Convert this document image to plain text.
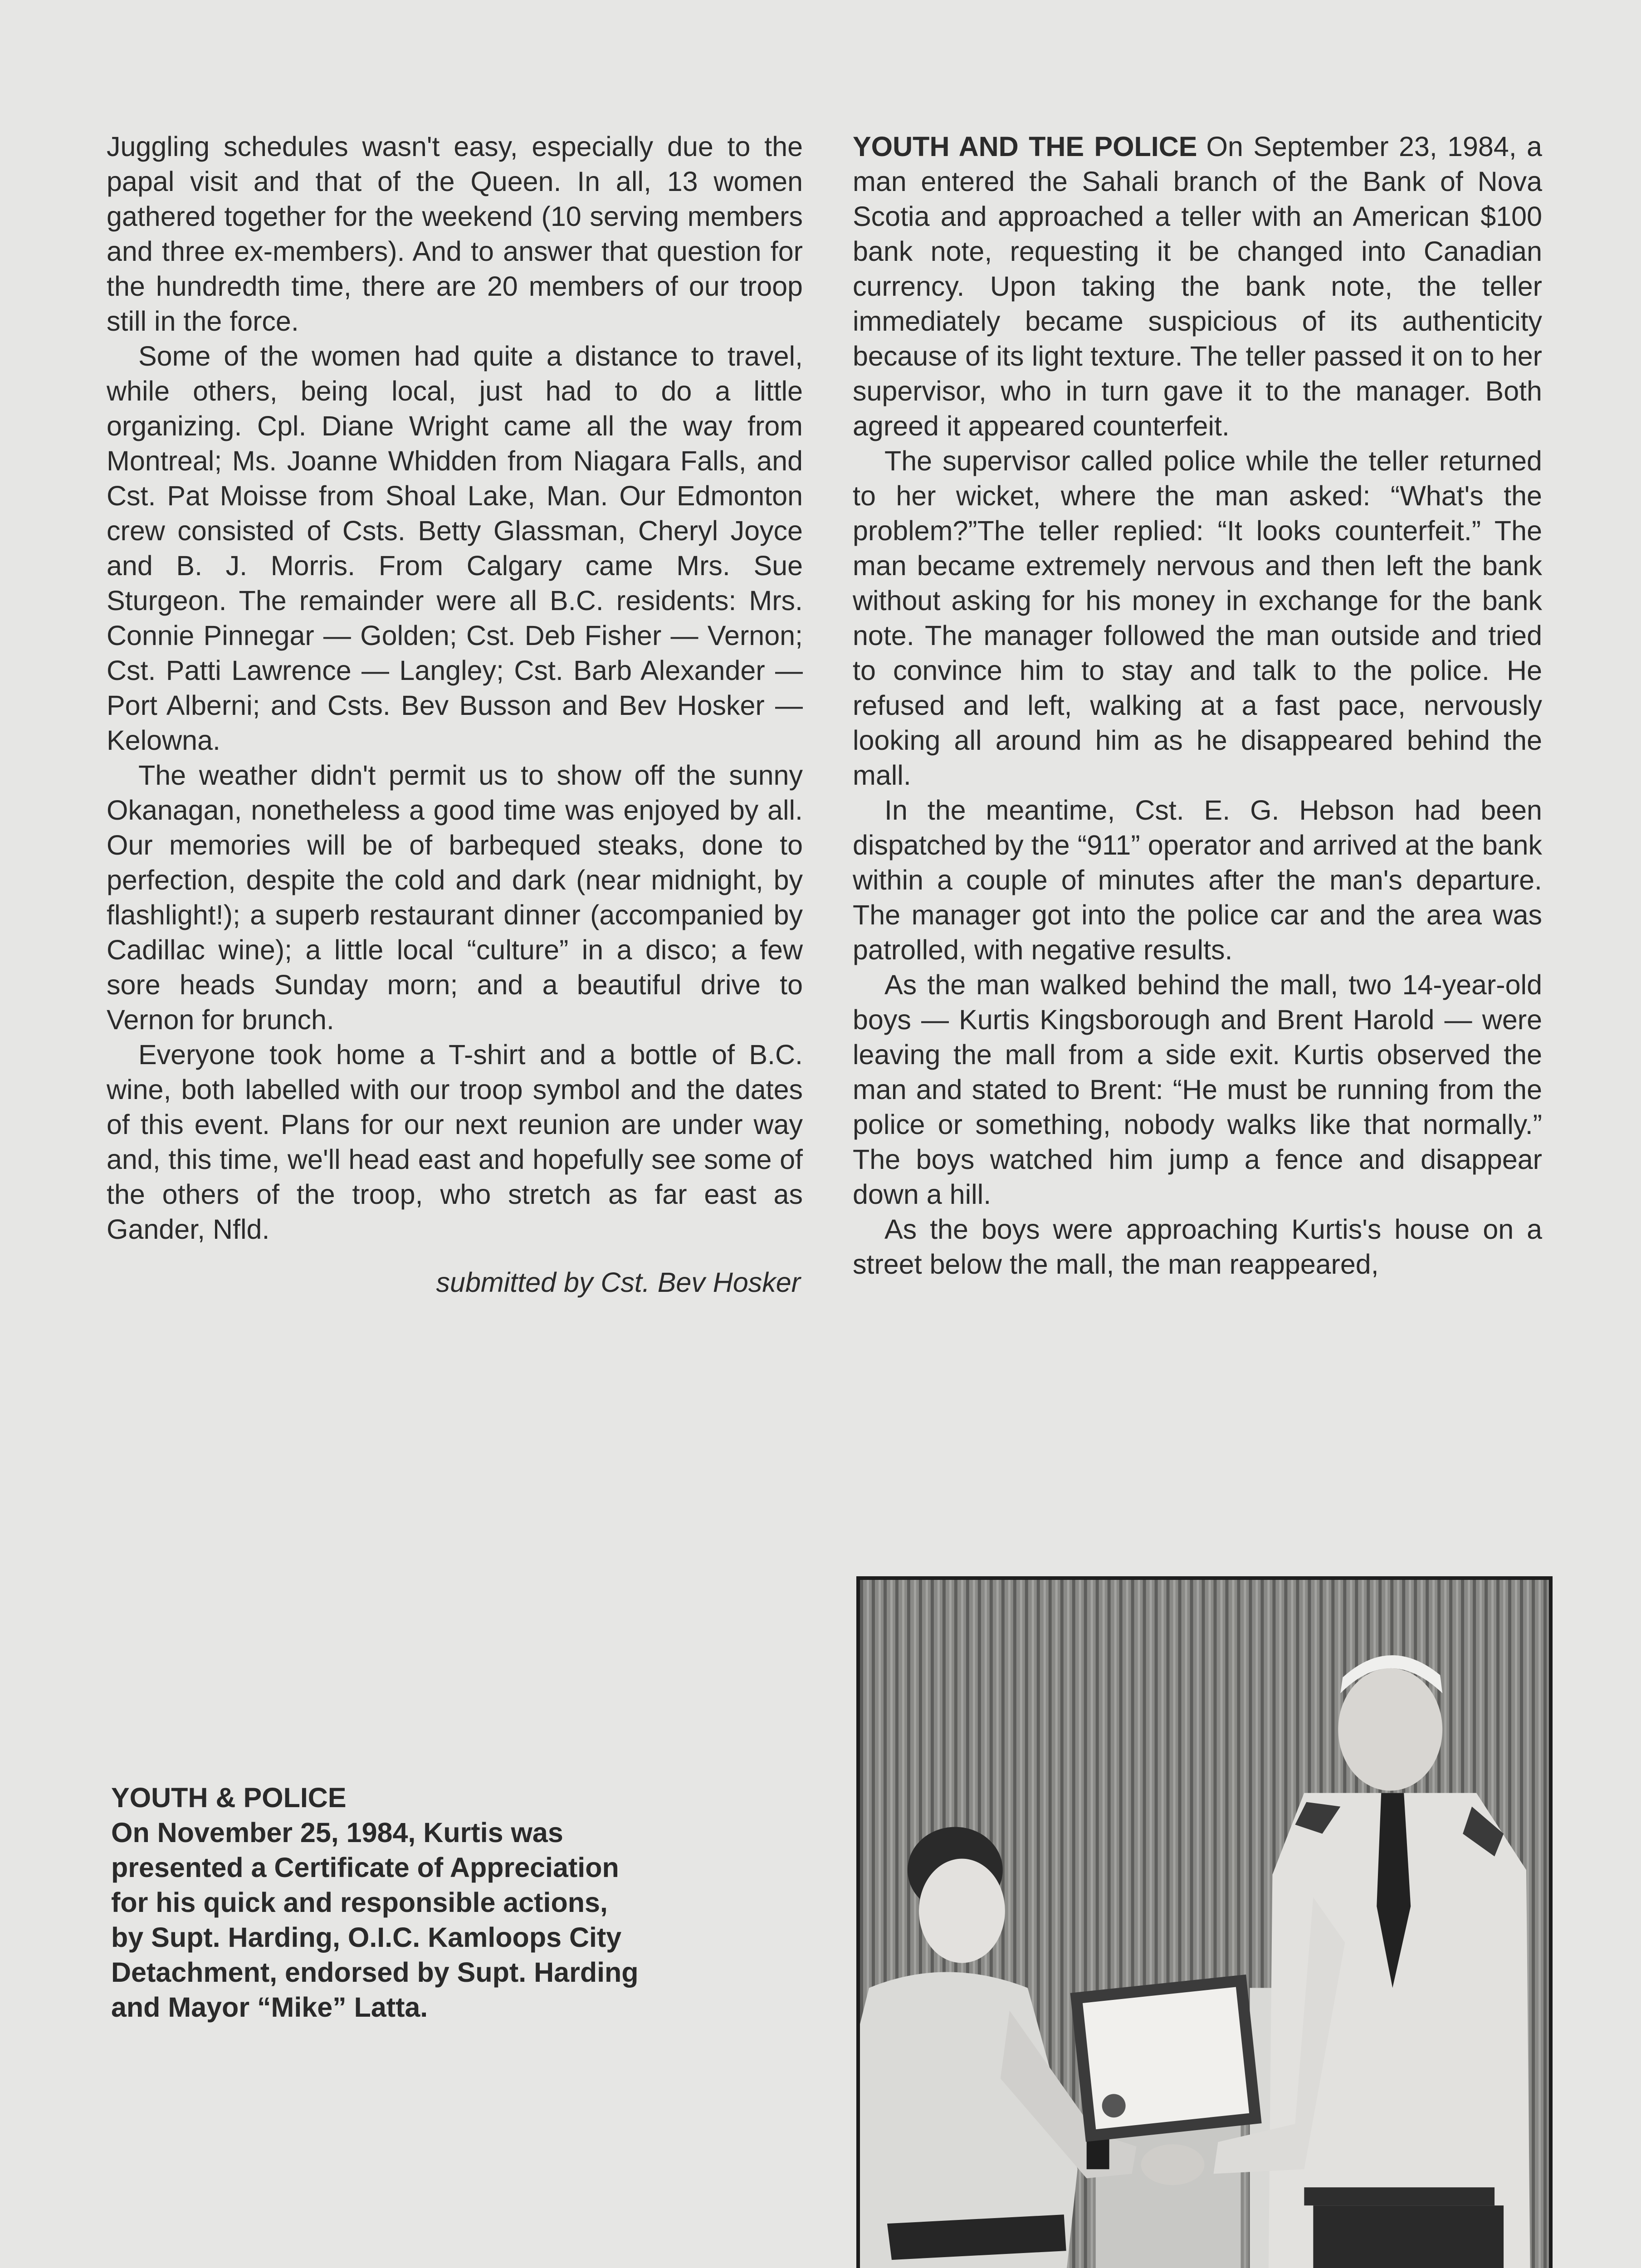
Juggling schedules wasn't easy, especially due to the papal visit and that of the Queen. In all, 13 women gathered together for the weekend (10 serving members and three ex-members). And to answer that question for the hundredth time, there are 20 members of our troop still in the force.

Some of the women had quite a distance to travel, while others, being local, just had to do a little organizing. Cpl. Diane Wright came all the way from Montreal; Ms. Joanne Whidden from Niagara Falls, and Cst. Pat Moisse from Shoal Lake, Man. Our Edmonton crew consisted of Csts. Betty Glassman, Cheryl Joyce and B. J. Morris. From Calgary came Mrs. Sue Sturgeon. The remainder were all B.C. residents: Mrs. Connie Pinnegar — Golden; Cst. Deb Fisher — Vernon; Cst. Patti Lawrence — Langley; Cst. Barb Alexander — Port Alberni; and Csts. Bev Busson and Bev Hosker — Kelowna.

The weather didn't permit us to show off the sunny Okanagan, nonetheless a good time was enjoyed by all. Our memories will be of barbequed steaks, done to perfection, despite the cold and dark (near midnight, by flashlight!); a superb restaurant dinner (accompanied by Cadillac wine); a little local “culture” in a disco; a few sore heads Sunday morn; and a beautiful drive to Vernon for brunch.

Everyone took home a T-shirt and a bottle of B.C. wine, both labelled with our troop symbol and the dates of this event. Plans for our next reunion are under way and, this time, we'll head east and hopefully see some of the others of the troop, who stretch as far east as Gander, Nfld.

submitted by Cst. Bev Hosker

YOUTH AND THE POLICE On September 23, 1984, a man entered the Sahali branch of the Bank of Nova Scotia and approached a teller with an American $100 bank note, requesting it be changed into Canadian currency. Upon taking the bank note, the teller immediately became suspicious of its authenticity because of its light texture. The teller passed it on to her supervisor, who in turn gave it to the manager. Both agreed it appeared counterfeit.

The supervisor called police while the teller returned to her wicket, where the man asked: “What's the problem?”The teller replied: “It looks counterfeit.” The man became extremely nervous and then left the bank without asking for his money in exchange for the bank note. The manager followed the man outside and tried to convince him to stay and talk to the police. He refused and left, walking at a fast pace, nervously looking all around him as he disappeared behind the mall.

In the meantime, Cst. E. G. Hebson had been dispatched by the “911” operator and arrived at the bank within a couple of minutes after the man's departure. The manager got into the police car and the area was patrolled, with negative results.

As the man walked behind the mall, two 14-year-old boys — Kurtis Kingsborough and Brent Harold — were leaving the mall from a side exit. Kurtis observed the man and stated to Brent: “He must be running from the police or something, nobody walks like that normally.” The boys watched him jump a fence and disappear down a hill.

As the boys were approaching Kurtis's house on a street below the mall, the man reappeared,

YOUTH & POLICE
On November 25, 1984, Kurtis was presented a Certificate of Appreciation for his quick and responsible actions, by Supt. Harding, O.I.C. Kamloops City Detachment, endorsed by Supt. Harding and Mayor “Mike” Latta.
